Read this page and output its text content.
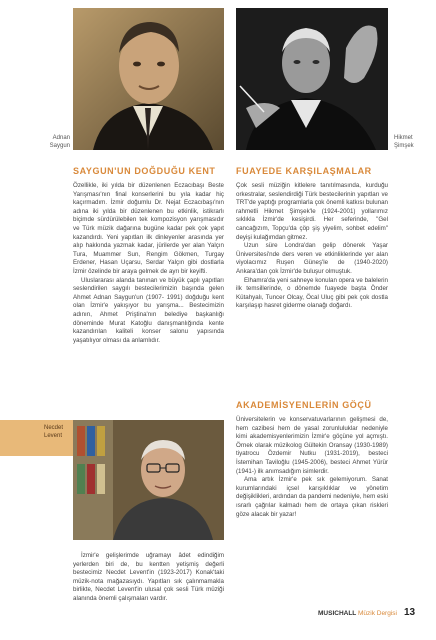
Adnan
Saygun
Hikmet
Şimşek
SAYGUN'UN DOĞDUĞU KENT FUAYEDE KARŞILAŞMALAR

Özellikle, iki yılda bir düzenlenen Eczacıbaşı Beste Yarışması'nın final konserlerini bu yıla kadar hiç kaçırmadım. İzmir doğumlu Dr. Nejat Eczacıbaşı'nın adına iki yılda bir düzenlenen bu etkinlik, istikrarlı biçimde sürdürülebilen tek kompozisyon yarışmasıdır ve Türk müzik dağarına bugüne kadar pek çok yapıt kazandırdı. Yeni yapıtları ilk dinleyenler arasında yer alıp hakkında yazmak kadar, jürilerde yer alan Yalçın Tura, Muammer Sun, Rengim Gökmen, Turgay Erdener, Hasan Uçarsu, Serdar Yalçın gibi dostlarla İzmir özelinde bir araya gelmek de ayrı bir keyifti.

Uluslararası alanda tanınan ve büyük çaplı yapıtları seslendirilen saygılı bestecilerimizin başında gelen Ahmet Adnan Saygun'un (1907- 1991) doğduğu kent olan İzmir'e yakışıyor bu yarışma... Bestecimizin adının, Ahmet Priştina'nın belediye başkanlığı döneminde Murat Katoğlu danışmanlığında kente kazandırılan kaliteli konser salonu yapısında yaşatılıyor olması da anlamlıdır.

Necdet
Levent

İzmir'e gelişlerimde uğramayı âdet edindiğim yerlerden biri de, bu kentten yetişmiş değerli bestecimiz Necdet Levent'in (1923-2017) Konak'taki müzik-nota mağazasıydı. Yapıtları sık çalınmamakla birlikte, Necdet Levent'in ulusal çok sesli Türk müziği alanında önemli çalışmaları vardır.

Çok sesli müziğin kitlelere tanıtılmasında, kurduğu orkestralar, seslendirdiği Türk bestecilerinin yapıtları ve TRT'de yaptığı programlarla çok önemli katkısı bulunan rahmetli Hikmet Şimşek'le (1924-2001) yollarımız sıklıkla İzmir'de kesişirdi. Her seferinde, "Gel cancağızım, Topçu'da çöp şiş yiyelim, sohbet edelim" deyişi kulağımdan gitmez.

Uzun süre Londra'dan gelip dönerek Yaşar Üniversitesi'nde ders veren ve etkinliklerinde yer alan viyolacımız Ruşen Güneş'le de (1940-2020) Ankara'dan çok İzmir'de buluşur olmuştuk.

Elhamra'da yeni sahneye konulan opera ve balelerin ilk temsillerinde, o dönemde fuayede başta Önder Kütahyalı, Tuncer Olcay, Öcal Uluç gibi pek çok dostla karşılaşıp hasret giderme olanağı doğardı.

AKADEMİSYENLERİN GÖÇÜ

Üniversitelerin ve konservatuvarlarının gelişmesi de, hem cazibesi hem de yasal zorunluluklar nedeniyle kimi akademisyenlerimizin İzmir'e göçüne yol açmıştı. Örnek olarak müzikolog Gültekin Oransay (1930-1989) tiyatrocu Özdemir Nutku (1931-2019), besteci İstemihan Taviloğlu (1945-2006), besteci Ahmet Yürür (1941-) ilk anımsadığım isimlerdir.

Ama artık İzmir'e pek sık gelemiyorum. Sanat kurumlarındaki içsel karışıklıklar ve yönetim değişiklikleri, ardından da pandemi nedeniyle, hem eski ısrarlı çağrılar kalmadı hem de ortaya çıkan riskleri göze alacak bir yazar!

MUSICHALL Müzik Dergisi 13
